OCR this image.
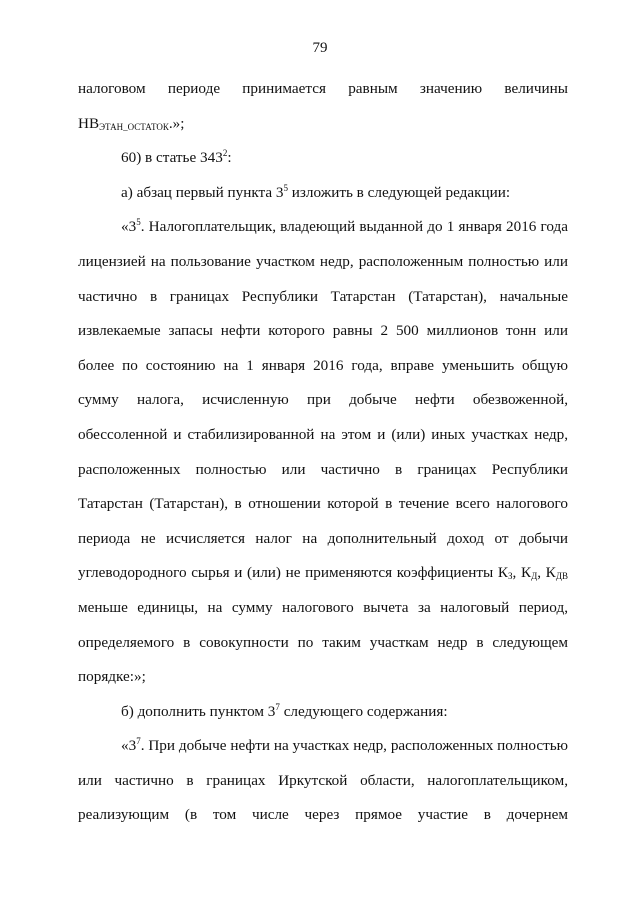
79

налоговом периоде принимается равным значению величины

$НВ_{ЭТАН\_ОСТАТОК}$.»;

60) в статье $343^2$:

а) абзац первый пункта $3^5$ изложить в следующей редакции:

«$3^5$. Налогоплательщик, владеющий выданной до 1 января 2016 года лицензией на пользование участком недр, расположенным полностью или частично в границах Республики Татарстан (Татарстан), начальные извлекаемые запасы нефти которого равны 2 500 миллионов тонн или более по состоянию на 1 января 2016 года, вправе уменьшить общую сумму налога, исчисленную при добыче нефти обезвоженной, обессоленной и стабилизированной на этом и (или) иных участках недр, расположенных полностью или частично в границах Республики Татарстан (Татарстан), в отношении которой в течение всего налогового периода не исчисляется налог на дополнительный доход от добычи углеводородного сырья и (или) не применяются коэффициенты $К_З$, $К_Д$, $К_{ДВ}$ меньше единицы, на сумму налогового вычета за налоговый период, определяемого в совокупности по таким участкам недр в следующем порядке:»;

б) дополнить пунктом $3^7$ следующего содержания:

«$3^7$. При добыче нефти на участках недр, расположенных полностью или частично в границах Иркутской области, налогоплательщиком, реализующим (в том числе через прямое участие в дочернем
